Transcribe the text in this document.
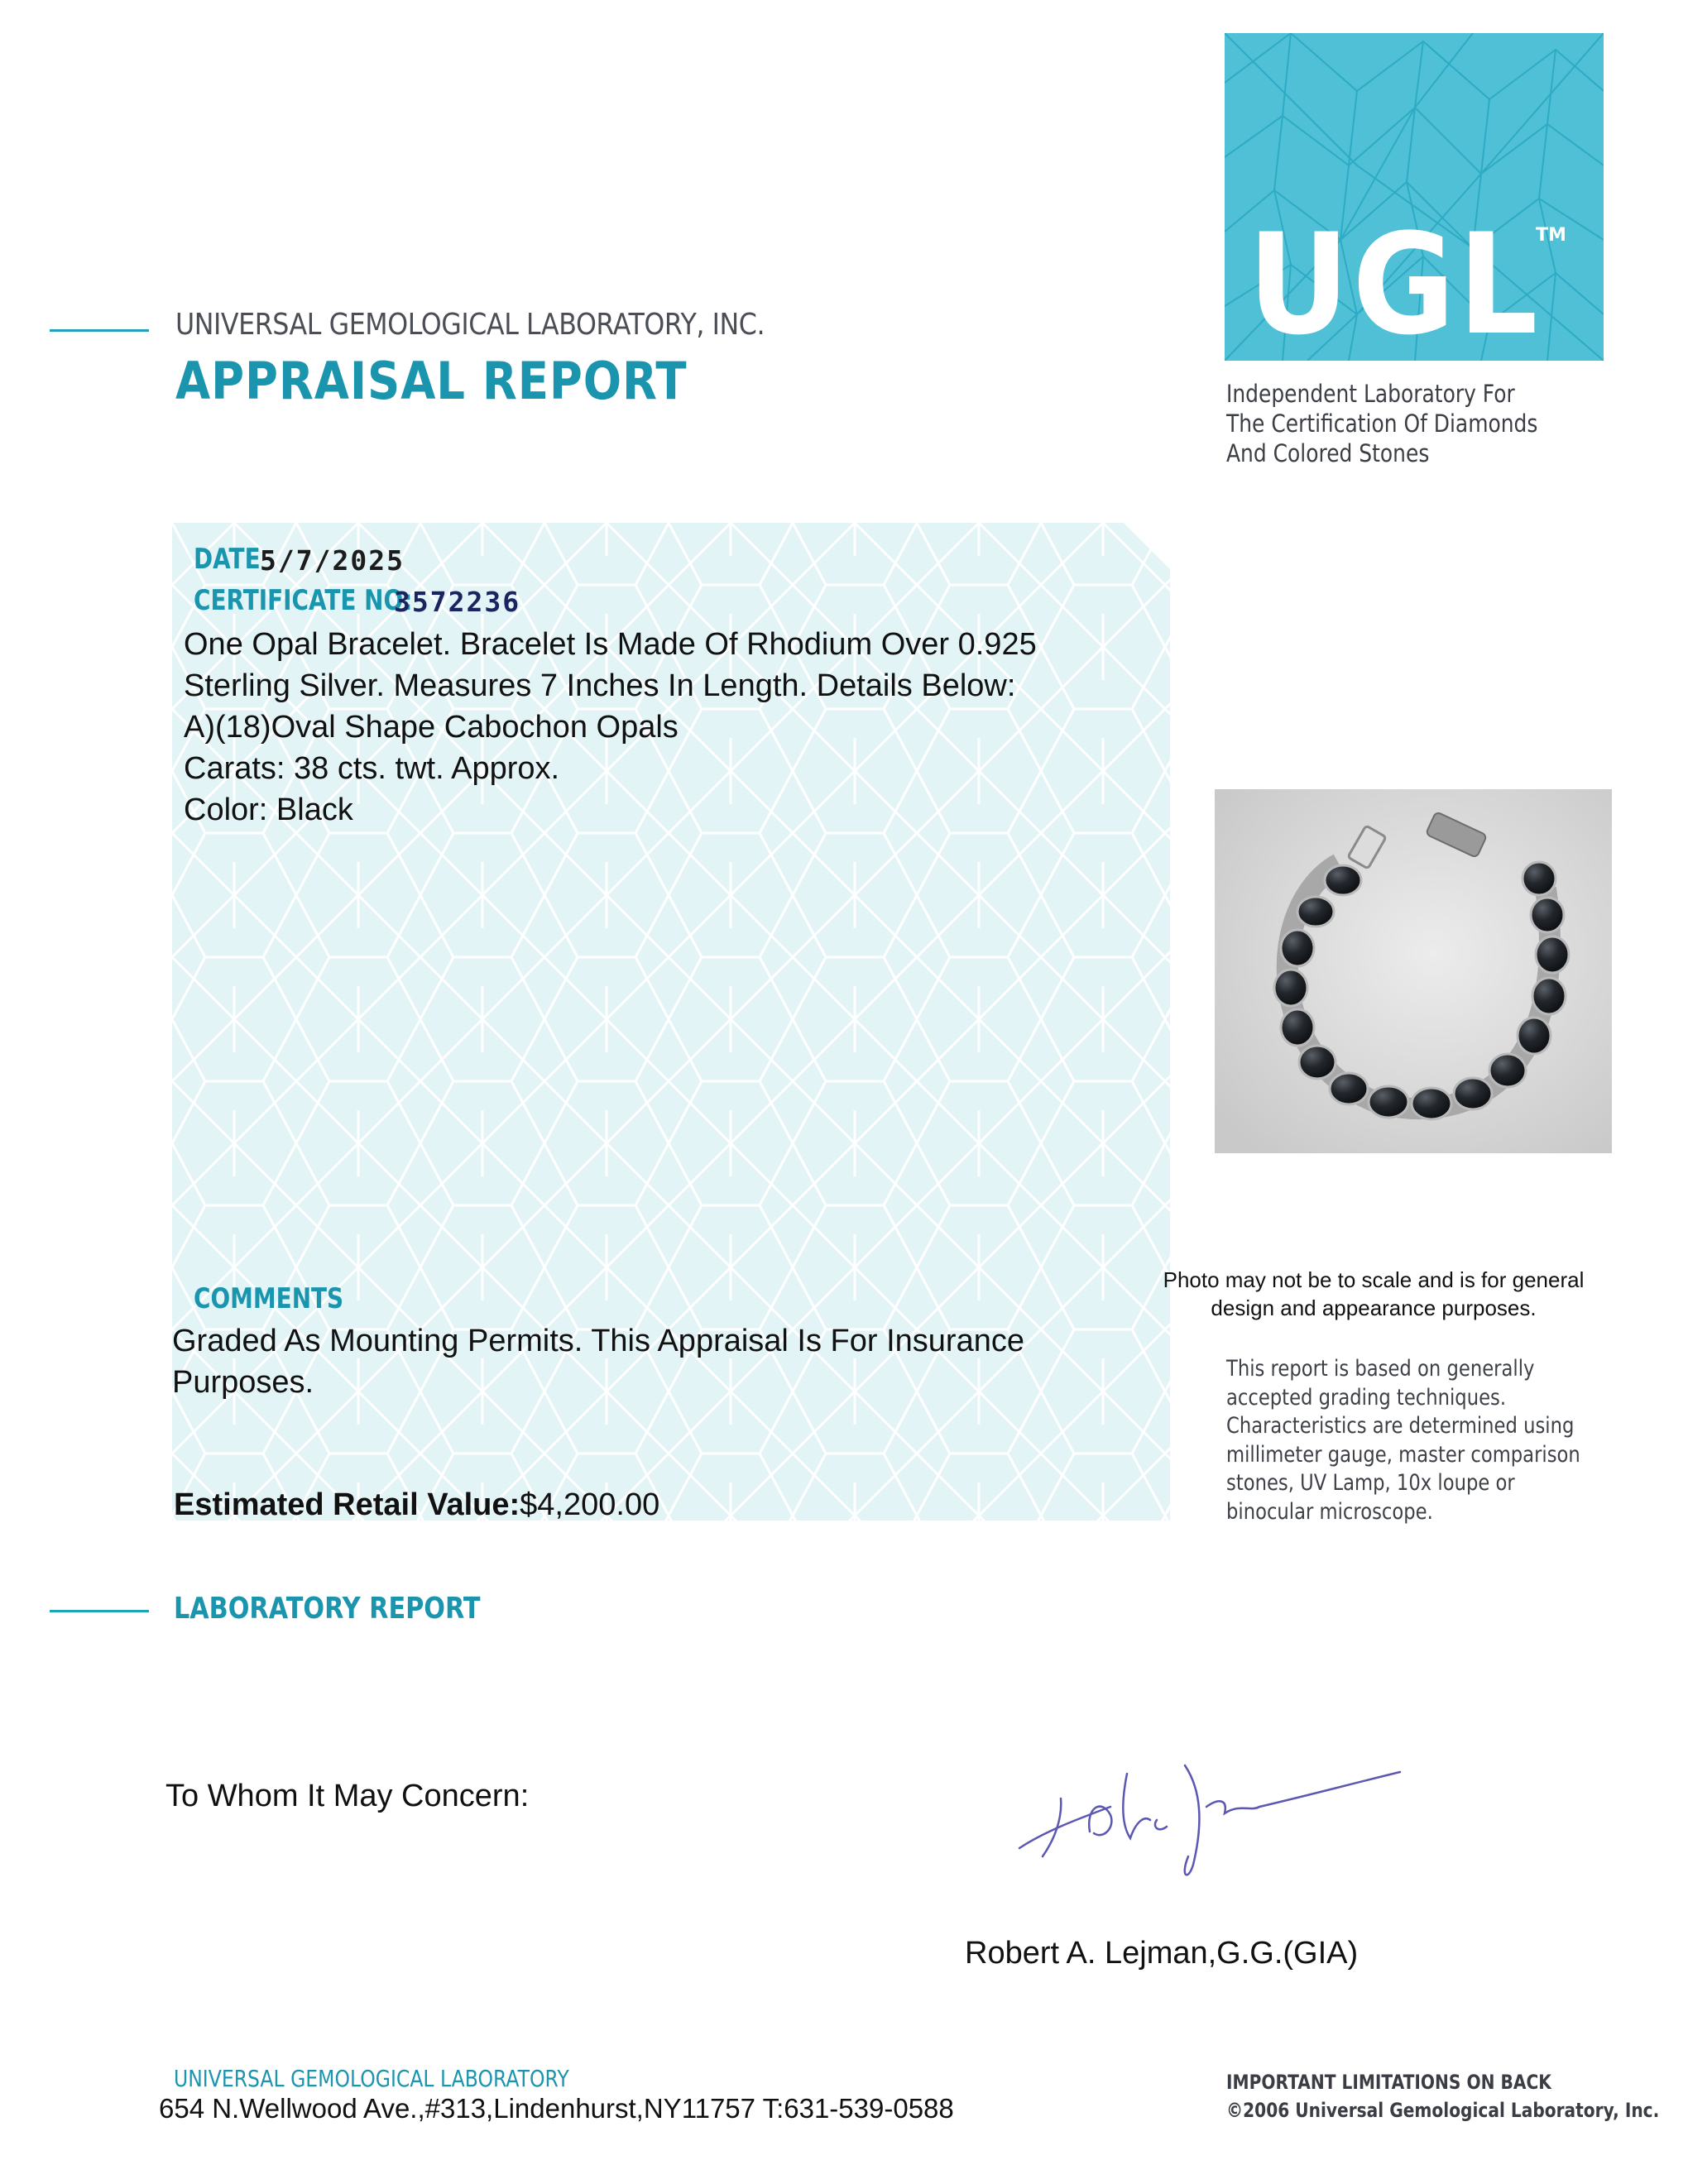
UNIVERSAL GEMOLOGICAL LABORATORY, INC.
APPRAISAL REPORT
UGL
TM
Independent Laboratory For
The Certification Of Diamonds
And Colored Stones
DATE 5/7/2025
CERTIFICATE NO:
3572236
One Opal Bracelet. Bracelet Is Made Of Rhodium Over 0.925
Sterling Silver. Measures 7 Inches In Length. Details Below:
A)(18)Oval Shape Cabochon Opals
Carats: 38 cts. twt. Approx.
Color: Black
COMMENTS
Graded As Mounting Permits. This Appraisal Is For Insurance Purposes.
Estimated Retail Value:$4,200.00
Photo may not be to scale and is for general design and appearance purposes.
This report is based on generally
accepted grading techniques.
Characteristics are determined using
millimeter gauge, master comparison
stones, UV Lamp, 10x loupe or
binocular microscope.
LABORATORY REPORT
To Whom It May Concern:
Robert A. Lejman,G.G.(GIA)
UNIVERSAL GEMOLOGICAL LABORATORY
654 N.Wellwood Ave.,#313,Lindenhurst,NY11757 T:631-539-0588
IMPORTANT LIMITATIONS ON BACK
©2006 Universal Gemological Laboratory, Inc.
